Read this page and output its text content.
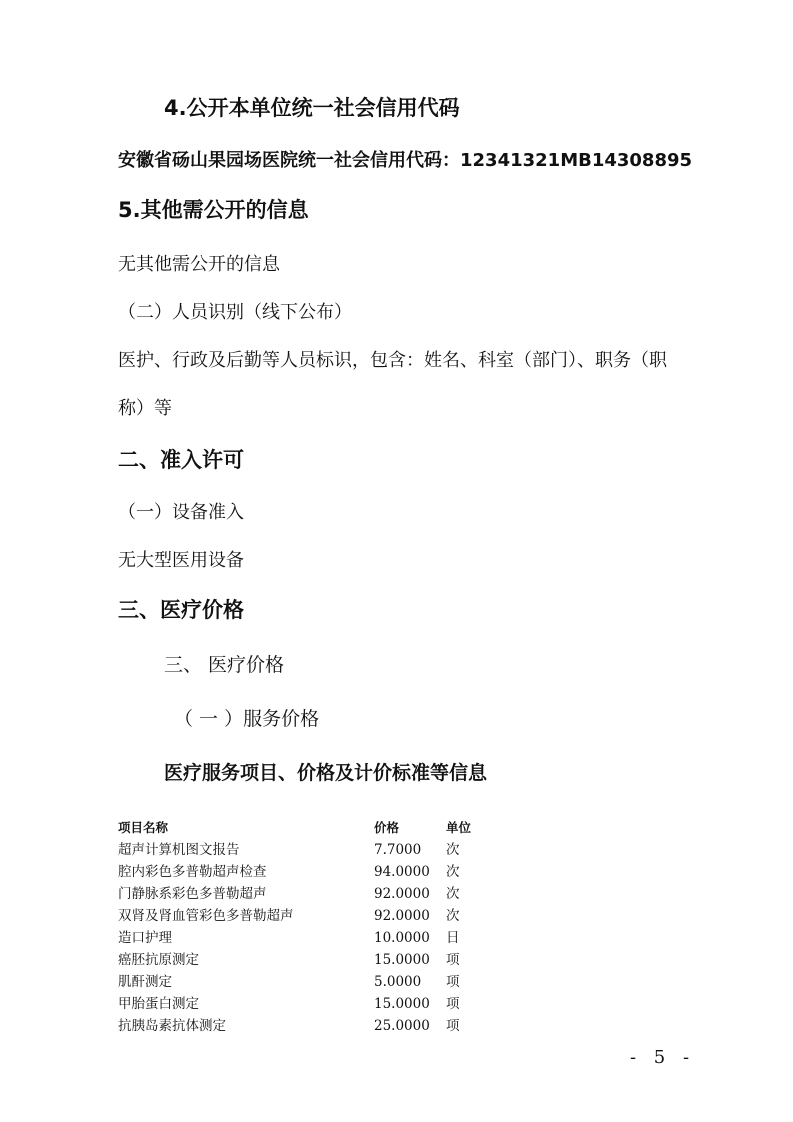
4.公开本单位统一社会信用代码
安徽省砀山果园场医院统一社会信用代码：12341321MB14308895
5.其他需公开的信息
无其他需公开的信息
（二）人员识别（线下公布）
医护、行政及后勤等人员标识，包含：姓名、科室（部门）、职务（职
称）等
二、准入许可
（一）设备准入
无大型医用设备
三、医疗价格
三、 医疗价格
（ 一 ）服务价格
医疗服务项目、价格及计价标准等信息
项目名称	价格	单位
超声计算机图文报告	7.7000 次
腔内彩色多普勒超声检查	94.0000 次
门静脉系彩色多普勒超声	92.0000 次
双肾及肾血管彩色多普勒超声	92.0000 次
造口护理	10.0000 日
癌胚抗原测定	15.0000 项
肌酐测定	5.0000 项
甲胎蛋白测定	15.0000 项
抗胰岛素抗体测定	25.0000 项
- 5 -
